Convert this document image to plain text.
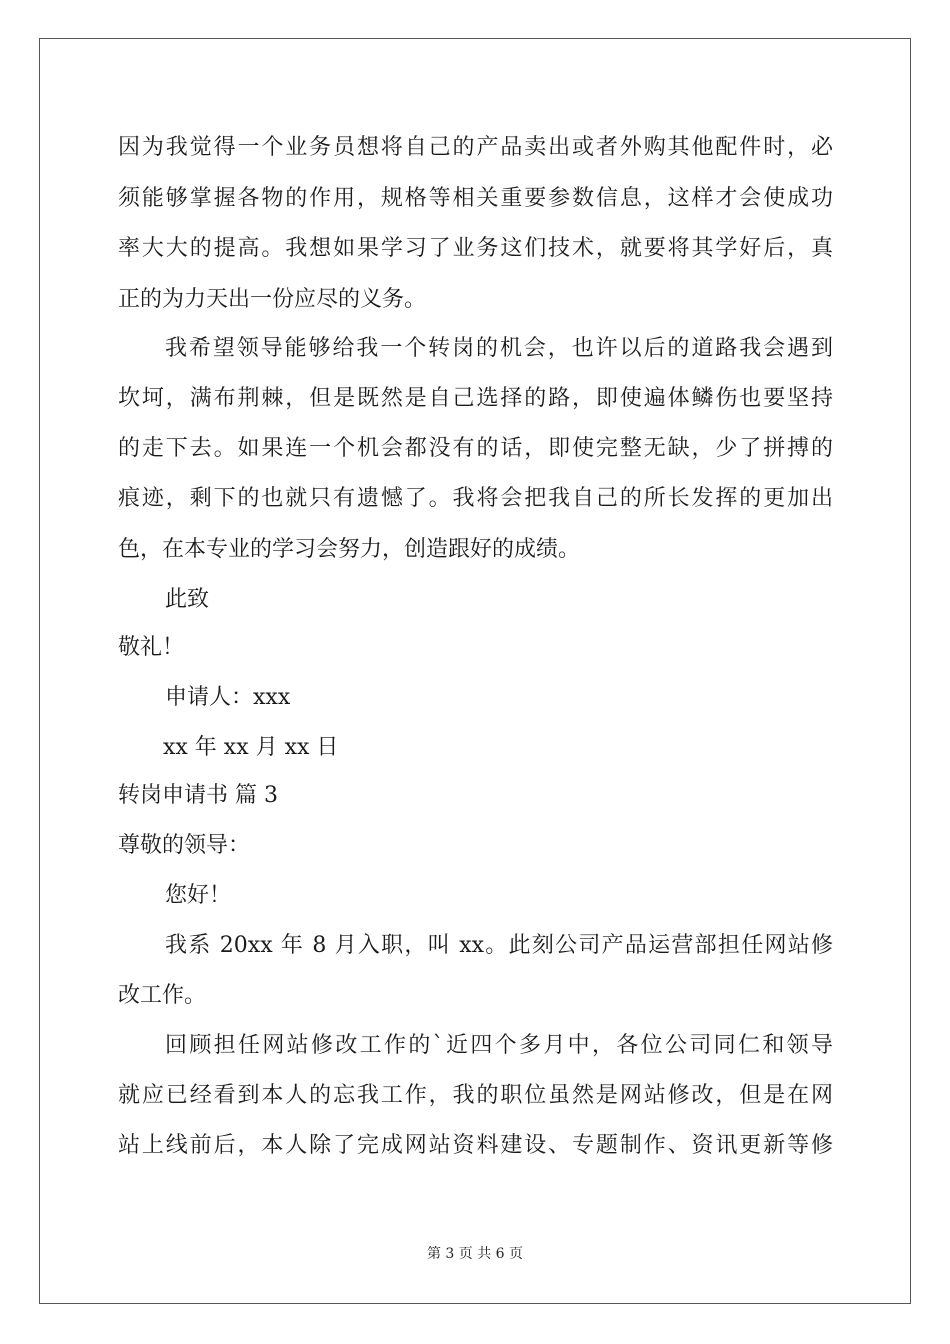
因为我觉得一个业务员想将自己的产品卖出或者外购其他配件时，必
须能够掌握各物的作用，规格等相关重要参数信息，这样才会使成功
率大大的提高。我想如果学习了业务这们技术，就要将其学好后，真
正的为力天出一份应尽的义务。
我希望领导能够给我一个转岗的机会，也许以后的道路我会遇到
坎坷，满布荆棘，但是既然是自己选择的路，即使遍体鳞伤也要坚持
的走下去。如果连一个机会都没有的话，即使完整无缺，少了拼搏的
痕迹，剩下的也就只有遗憾了。我将会把我自己的所长发挥的更加出
色，在本专业的学习会努力，创造跟好的成绩。
此致
敬礼！
申请人：xxx
xx 年 xx 月 xx 日
转岗申请书 篇 3
尊敬的领导：
您好！
我系 20xx 年 8 月入职，叫 xx。此刻公司产品运营部担任网站修
改工作。
回顾担任网站修改工作的`近四个多月中，各位公司同仁和领导
就应已经看到本人的忘我工作，我的职位虽然是网站修改，但是在网
站上线前后，本人除了完成网站资料建设、专题制作、资讯更新等修
第 3 页 共 6 页
